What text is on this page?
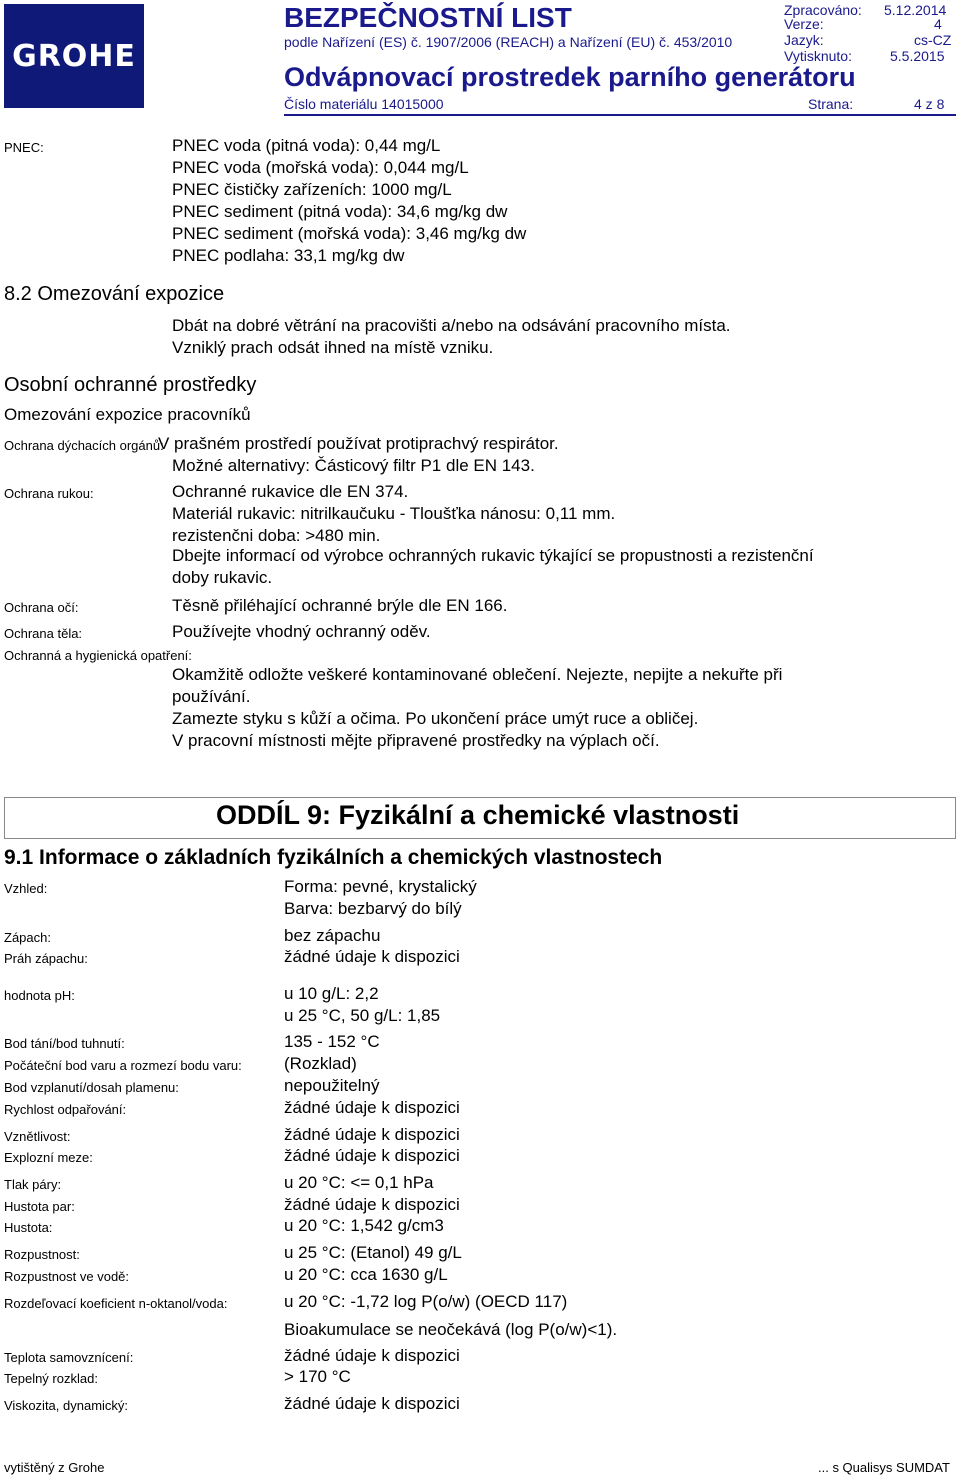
GROHE
BEZPEČNOSTNÍ LIST
podle Nařízení (ES) č. 1907/2006 (REACH) a Nařízení (EU) č. 453/2010
Odvápnovací prostredek parního generátoru
Číslo materiálu 14015000
Zpracováno: 5.12.2014
Verze:	4
Jazyk:	cs-CZ
Vytisknuto:	5.5.2015
Strana:	4 z 8
PNEC:	PNEC voda (pitná voda): 0,44 mg/L
PNEC voda (mořská voda): 0,044 mg/L
PNEC čističky zařízeních: 1000 mg/L
PNEC sediment (pitná voda): 34,6 mg/kg dw
PNEC sediment (mořská voda): 3,46 mg/kg dw
PNEC podlaha: 33,1 mg/kg dw
8.2 Omezování expozice
Dbát na dobré větrání na pracovišti a/nebo na odsávání pracovního místa.
Vzniklý prach odsát ihned na místě vzniku.
Osobní ochranné prostředky
Omezování expozice pracovníků
Ochrana dýchacích orgánů:
V prašném prostředí používat protiprachvý respirátor.
Možné alternativy: Částicový filtr P1 dle EN 143.
Ochrana rukou:	Ochranné rukavice dle EN 374.
Materiál rukavic: nitrilkaučuku - Tloušťka nánosu: 0,11 mm.
rezistenčni doba: >480 min.
Dbejte informací od výrobce ochranných rukavic týkající se propustnosti a rezistenční
doby rukavic.
Ochrana očí:	Těsně přiléhající ochranné brýle dle EN 166.
Ochrana těla:	Používejte vhodný ochranný oděv.
Ochranná a hygienická opatření:
Okamžitě odložte veškeré kontaminované oblečení. Nejezte, nepijte a nekuřte při
používání.
Zamezte styku s kůží a očima. Po ukončení práce umýt ruce a obličej.
V pracovní místnosti mějte připravené prostředky na výplach očí.
ODDÍL 9: Fyzikální a chemické vlastnosti
9.1 Informace o základních fyzikálních a chemických vlastnostech
Vzhled:	Forma: pevné, krystalický
Barva: bezbarvý do bílý
Zápach:	bez zápachu
Práh zápachu:	žádné údaje k dispozici
hodnota pH:	u 10 g/L: 2,2
u 25 °C, 50 g/L: 1,85
Bod tání/bod tuhnutí:	135 - 152 °C
Počáteční bod varu a rozmezí bodu varu: (Rozklad)
Bod vzplanutí/dosah plamenu:	nepoužitelný
Rychlost odpařování:	žádné údaje k dispozici
Vznětlivost:	žádné údaje k dispozici
Explozní meze:	žádné údaje k dispozici
Tlak páry:	u 20 °C: <= 0,1 hPa
Hustota par:	žádné údaje k dispozici
Hustota:	u 20 °C: 1,542 g/cm3
Rozpustnost:	u 25 °C: (Etanol) 49 g/L
Rozpustnost ve vodě:	u 20 °C: cca 1630 g/L
Rozdeľovací koeficient n-oktanol/voda:	u 20 °C: -1,72 log P(o/w) (OECD 117)
Bioakumulace se neočekává (log P(o/w)<1).
Teplota samovznícení:	žádné údaje k dispozici
Tepelný rozklad:	> 170 °C
Viskozita, dynamický:	žádné údaje k dispozici
vytištěný z Grohe	... s Qualisys SUMDAT
